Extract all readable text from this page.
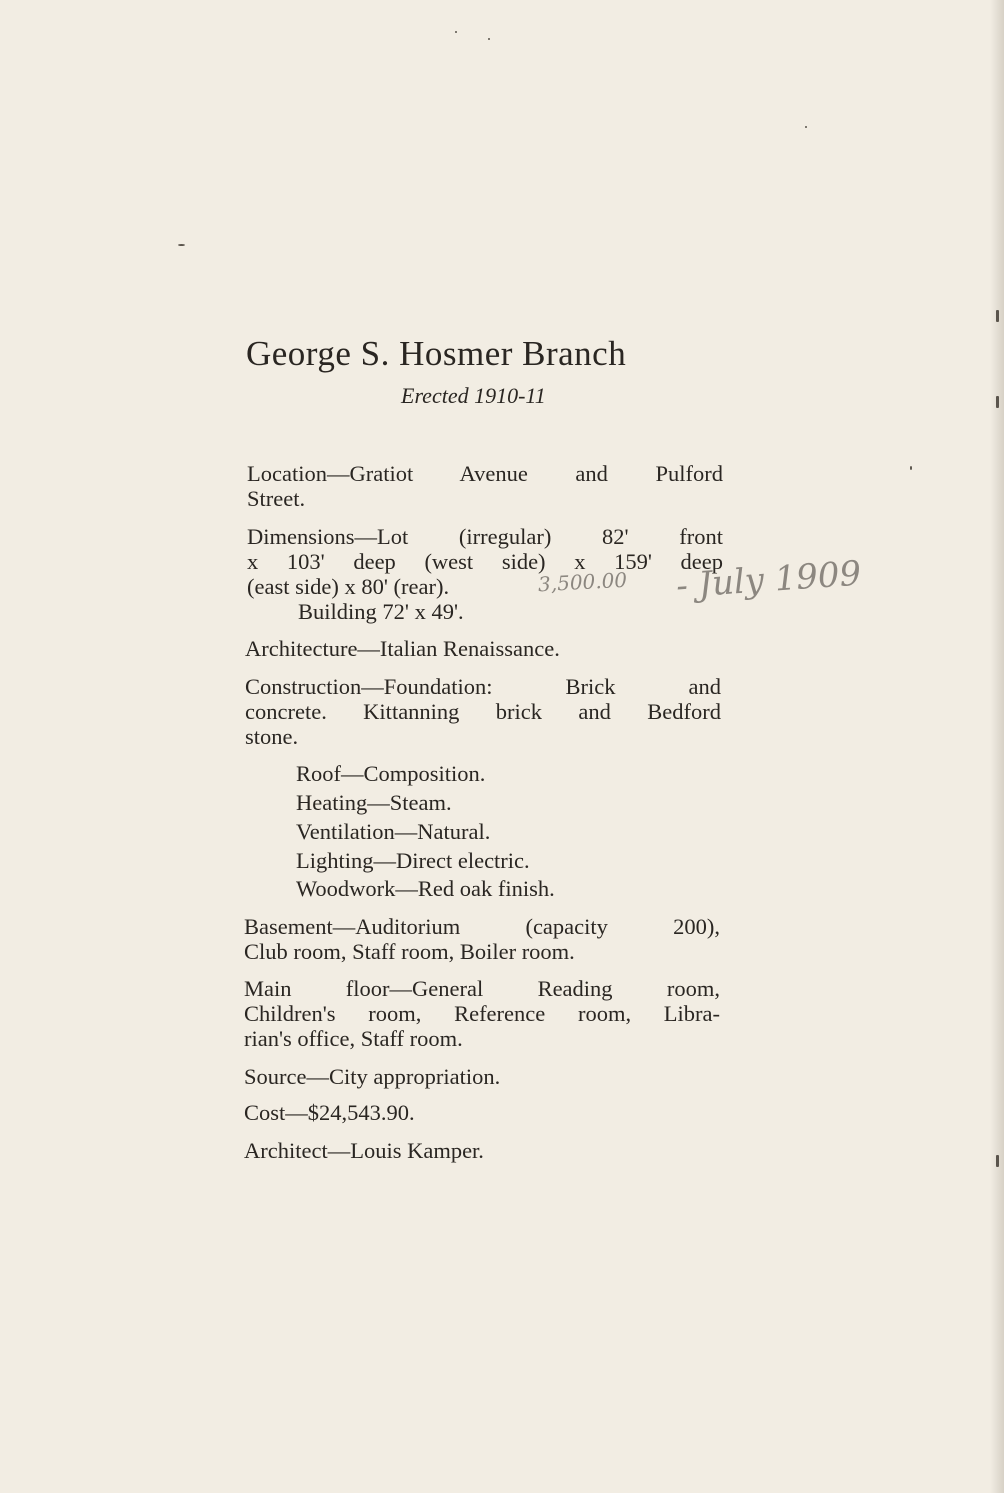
George S. Hosmer Branch
Erected 1910-11
Location—Gratiot Avenue and Pulford
Street.
Dimensions—Lot (irregular) 82' front
x 103' deep (west side) x 159' deep
(east side) x 80' (rear).
Building 72' x 49'.
Architecture—Italian Renaissance.
Construction—Foundation: Brick and
concrete. Kittanning brick and Bedford
stone.
Roof—Composition.
Heating—Steam.
Ventilation—Natural.
Lighting—Direct electric.
Woodwork—Red oak finish.
Basement—Auditorium (capacity 200),
Club room, Staff room, Boiler room.
Main floor—General Reading room,
Children's room, Reference room, Libra-
rian's office, Staff room.
Source—City appropriation.
Cost—$24,543.90.
Architect—Louis Kamper.
3,500.00 - July 1909
